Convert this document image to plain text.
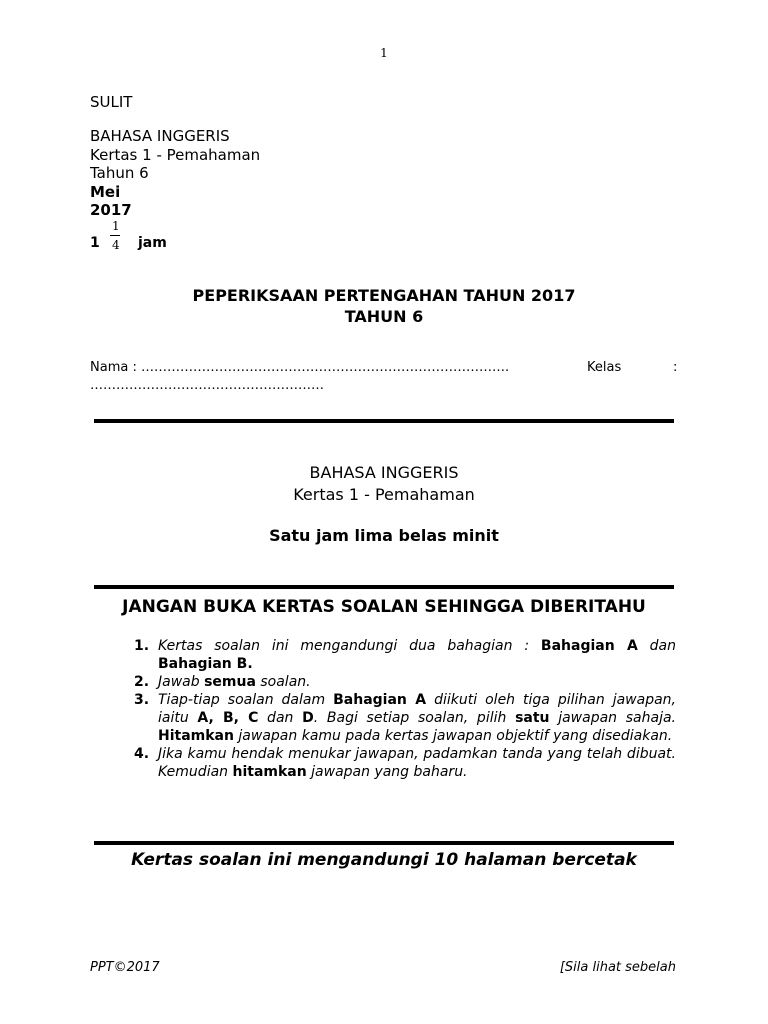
1
SULIT
BAHASA INGGERIS
Kertas 1 - Pemahaman
Tahun 6
Mei
2017
1
1
4 jam
PEPERIKSAAN PERTENGAHAN TAHUN 2017
TAHUN 6
Nama : ………………………………………………………………………….	Kelas	:
………………………………………………
BAHASA INGGERIS
Kertas 1 - Pemahaman
Satu jam lima belas minit
JANGAN BUKA KERTAS SOALAN SEHINGGA DIBERITAHU
1. Kertas soalan ini mengandungi dua bahagian : Bahagian A dan Bahagian B.
2. Jawab semua soalan.
3. Tiap-tiap soalan dalam Bahagian A diikuti oleh tiga pilihan jawapan, iaitu A, B, C dan D. Bagi setiap soalan, pilih satu jawapan sahaja. Hitamkan jawapan kamu pada kertas jawapan objektif yang disediakan.
4. Jika kamu hendak menukar jawapan, padamkan tanda yang telah dibuat. Kemudian hitamkan jawapan yang baharu.
Kertas soalan ini mengandungi 10 halaman bercetak
PPT©2017	[Sila lihat sebelah
